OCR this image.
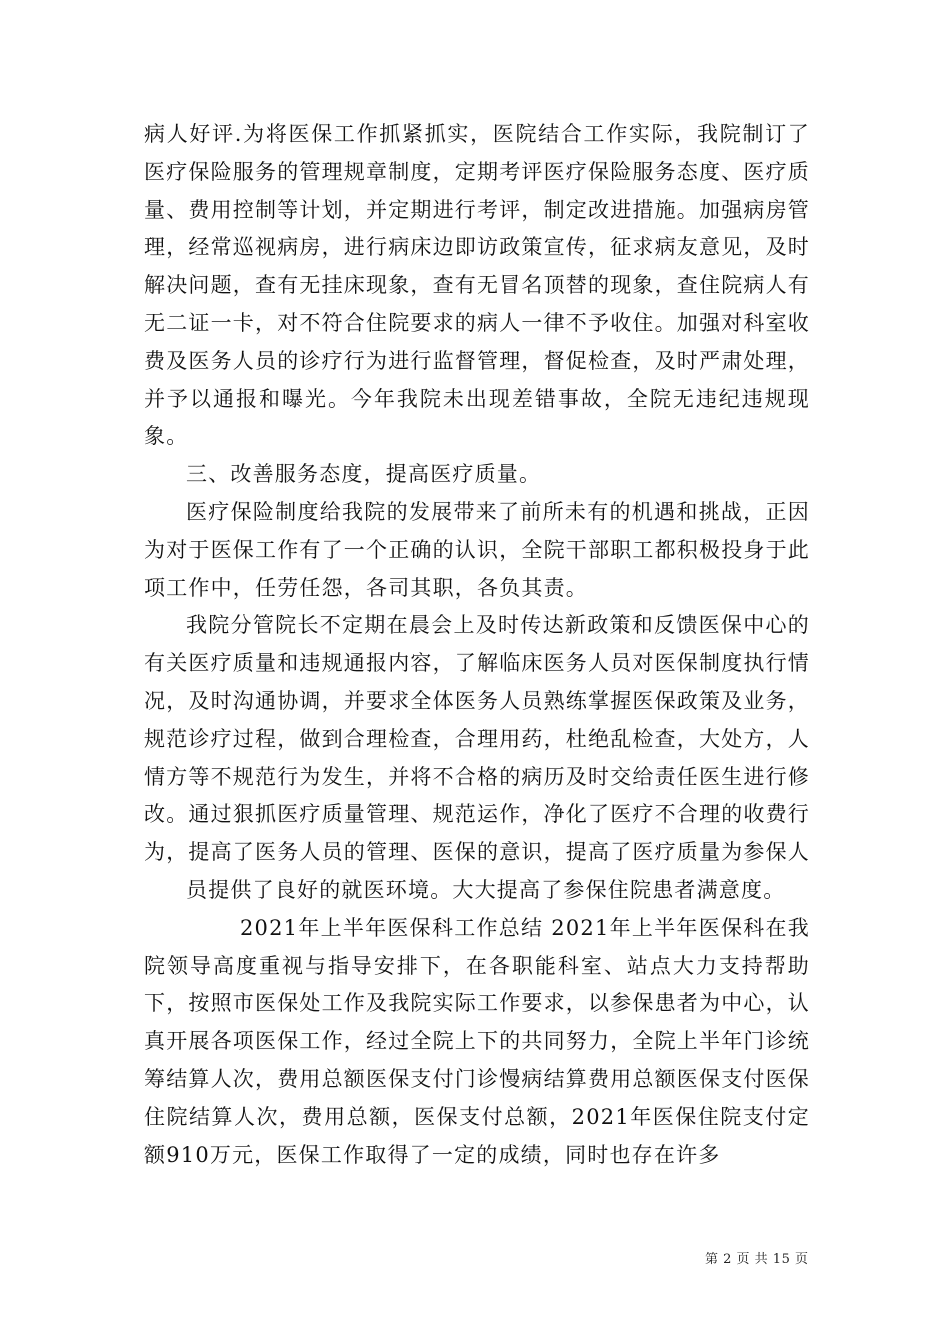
病人好评.为将医保工作抓紧抓实，医院结合工作实际，我院制订了医疗保险服务的管理规章制度，定期考评医疗保险服务态度、医疗质量、费用控制等计划，并定期进行考评，制定改进措施。加强病房管理，经常巡视病房，进行病床边即访政策宣传，征求病友意见，及时解决问题，查有无挂床现象，查有无冒名顶替的现象，查住院病人有无二证一卡，对不符合住院要求的病人一律不予收住。加强对科室收费及医务人员的诊疗行为进行监督管理，督促检查，及时严肃处理，并予以通报和曝光。今年我院未出现差错事故，全院无违纪违规现象。

三、改善服务态度，提高医疗质量。

医疗保险制度给我院的发展带来了前所未有的机遇和挑战，正因为对于医保工作有了一个正确的认识，全院干部职工都积极投身于此项工作中，任劳任怨，各司其职，各负其责。

我院分管院长不定期在晨会上及时传达新政策和反馈医保中心的有关医疗质量和违规通报内容，了解临床医务人员对医保制度执行情况，及时沟通协调，并要求全体医务人员熟练掌握医保政策及业务，规范诊疗过程，做到合理检查，合理用药，杜绝乱检查，大处方，人情方等不规范行为发生，并将不合格的病历及时交给责任医生进行修改。通过狠抓医疗质量管理、规范运作，净化了医疗不合理的收费行为，提高了医务人员的管理、医保的意识，提高了医疗质量为参保人

员提供了良好的就医环境。大大提高了参保住院患者满意度。

2021年上半年医保科工作总结 2021年上半年医保科在我院领导高度重视与指导安排下，在各职能科室、站点大力支持帮助下，按照市医保处工作及我院实际工作要求，以参保患者为中心，认真开展各项医保工作，经过全院上下的共同努力，全院上半年门诊统筹结算人次，费用总额医保支付门诊慢病结算费用总额医保支付医保住院结算人次，费用总额，医保支付总额，2021年医保住院支付定额910万元，医保工作取得了一定的成绩，同时也存在许多

第 2 页 共 15 页
